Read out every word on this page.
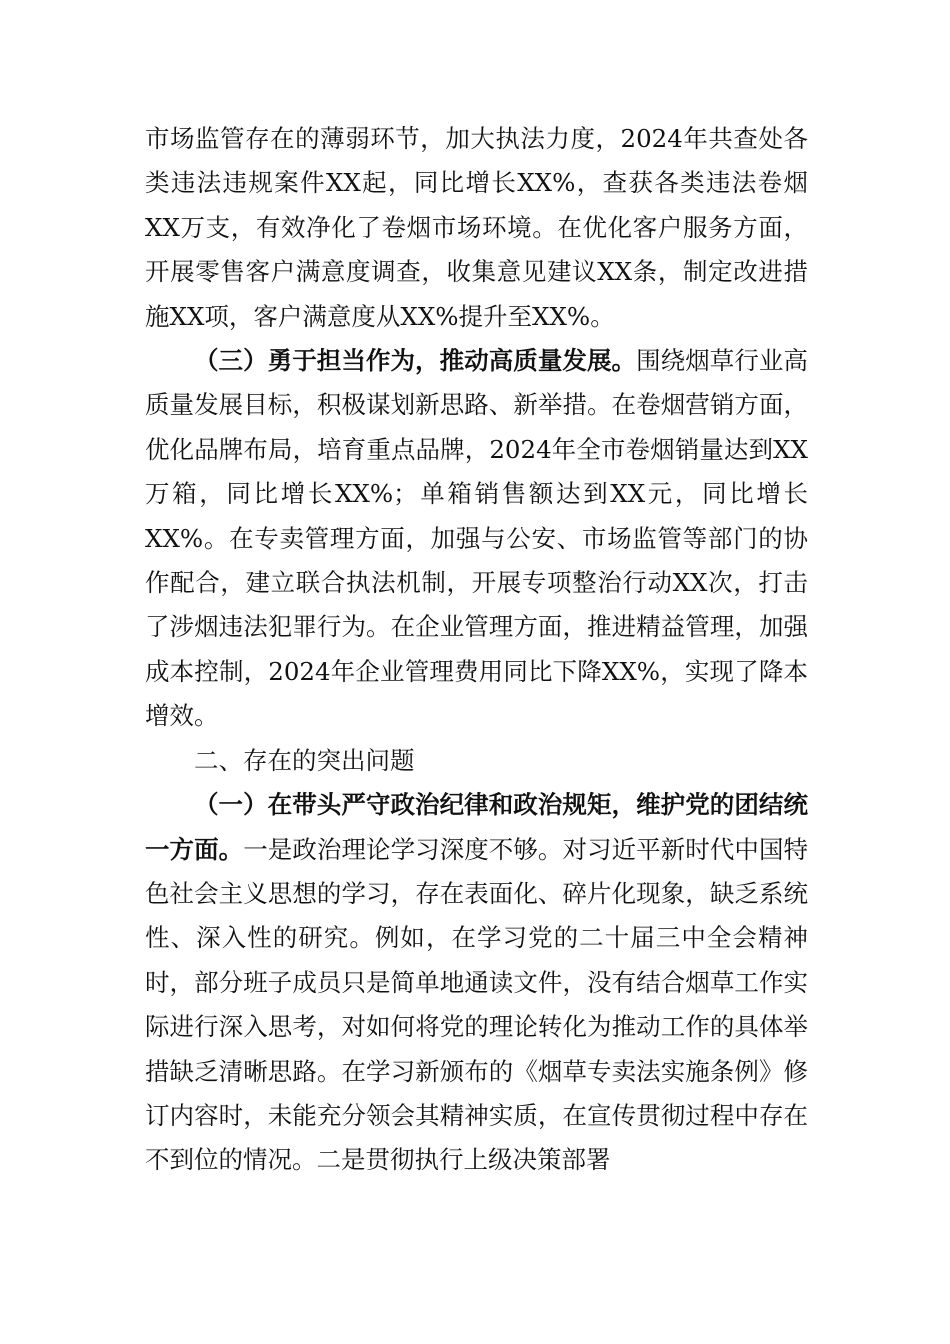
市场监管存在的薄弱环节，加大执法力度，2024年共查处各类违法违规案件XX起，同比增长XX%，查获各类违法卷烟XX万支，有效净化了卷烟市场环境。在优化客户服务方面，开展零售客户满意度调查，收集意见建议XX条，制定改进措施XX项，客户满意度从XX%提升至XX%。

（三）勇于担当作为，推动高质量发展。围绕烟草行业高质量发展目标，积极谋划新思路、新举措。在卷烟营销方面，优化品牌布局，培育重点品牌，2024年全市卷烟销量达到XX万箱，同比增长XX%；单箱销售额达到XX元，同比增长XX%。在专卖管理方面，加强与公安、市场监管等部门的协作配合，建立联合执法机制，开展专项整治行动XX次，打击了涉烟违法犯罪行为。在企业管理方面，推进精益管理，加强成本控制，2024年企业管理费用同比下降XX%，实现了降本增效。

二、存在的突出问题

（一）在带头严守政治纪律和政治规矩，维护党的团结统一方面。一是政治理论学习深度不够。对习近平新时代中国特色社会主义思想的学习，存在表面化、碎片化现象，缺乏系统性、深入性的研究。例如，在学习党的二十届三中全会精神时，部分班子成员只是简单地通读文件，没有结合烟草工作实际进行深入思考，对如何将党的理论转化为推动工作的具体举措缺乏清晰思路。在学习新颁布的《烟草专卖法实施条例》修订内容时，未能充分领会其精神实质，在宣传贯彻过程中存在不到位的情况。二是贯彻执行上级决策部署
